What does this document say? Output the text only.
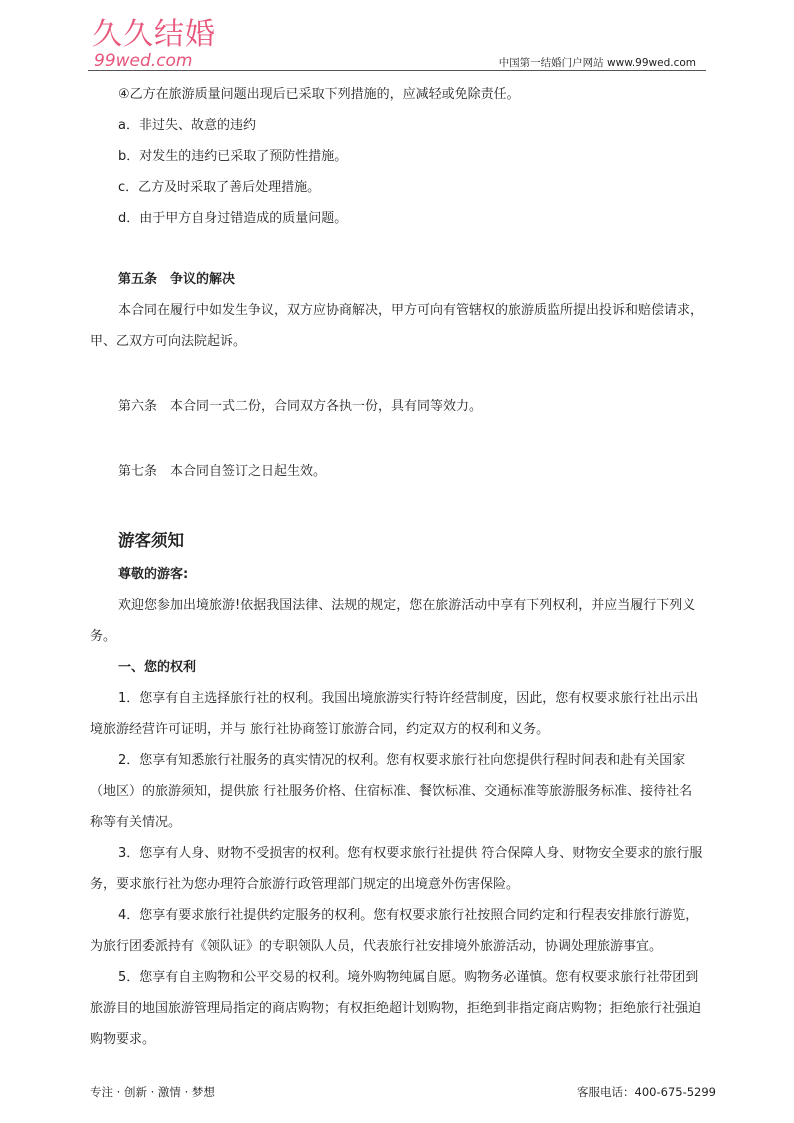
久久结婚
99wed.com	中国第一结婚门户网站 www.99wed.com

④乙方在旅游质量问题出现后已采取下列措施的，应减轻或免除责任。

a．非过失、故意的违约

b．对发生的违约已采取了预防性措施。

c．乙方及时采取了善后处理措施。

d．由于甲方自身过错造成的质量问题。

第五条　争议的解决

本合同在履行中如发生争议，双方应协商解决，甲方可向有管辖权的旅游质监所提出投诉和赔偿请求，甲、乙双方可向法院起诉。

第六条　本合同一式二份，合同双方各执一份，具有同等效力。

第七条　本合同自签订之日起生效。

游客须知

尊敬的游客:

欢迎您参加出境旅游!依据我国法律、法规的规定，您在旅游活动中享有下列权利，并应当履行下列义务。

一、您的权利

1．您享有自主选择旅行社的权利。我国出境旅游实行特许经营制度，因此，您有权要求旅行社出示出境旅游经营许可证明，并与 旅行社协商签订旅游合同，约定双方的权利和义务。

2．您享有知悉旅行社服务的真实情况的权利。您有权要求旅行社向您提供行程时间表和赴有关国家（地区）的旅游须知，提供旅 行社服务价格、住宿标准、餐饮标准、交通标准等旅游服务标准、接待社名称等有关情况。

3．您享有人身、财物不受损害的权利。您有权要求旅行社提供 符合保障人身、财物安全要求的旅行服务，要求旅行社为您办理符合旅游行政管理部门规定的出境意外伤害保险。

4．您享有要求旅行社提供约定服务的权利。您有权要求旅行社按照合同约定和行程表安排旅行游览，为旅行团委派持有《领队证》的专职领队人员，代表旅行社安排境外旅游活动，协调处理旅游事宜。

5．您享有自主购物和公平交易的权利。境外购物纯属自愿。购物务必谨慎。您有权要求旅行社带团到旅游目的地国旅游管理局指定的商店购物；有权拒绝超计划购物，拒绝到非指定商店购物；拒绝旅行社强迫购物要求。

专注 · 创新 · 激情 · 梦想	客服电话：400-675-5299
